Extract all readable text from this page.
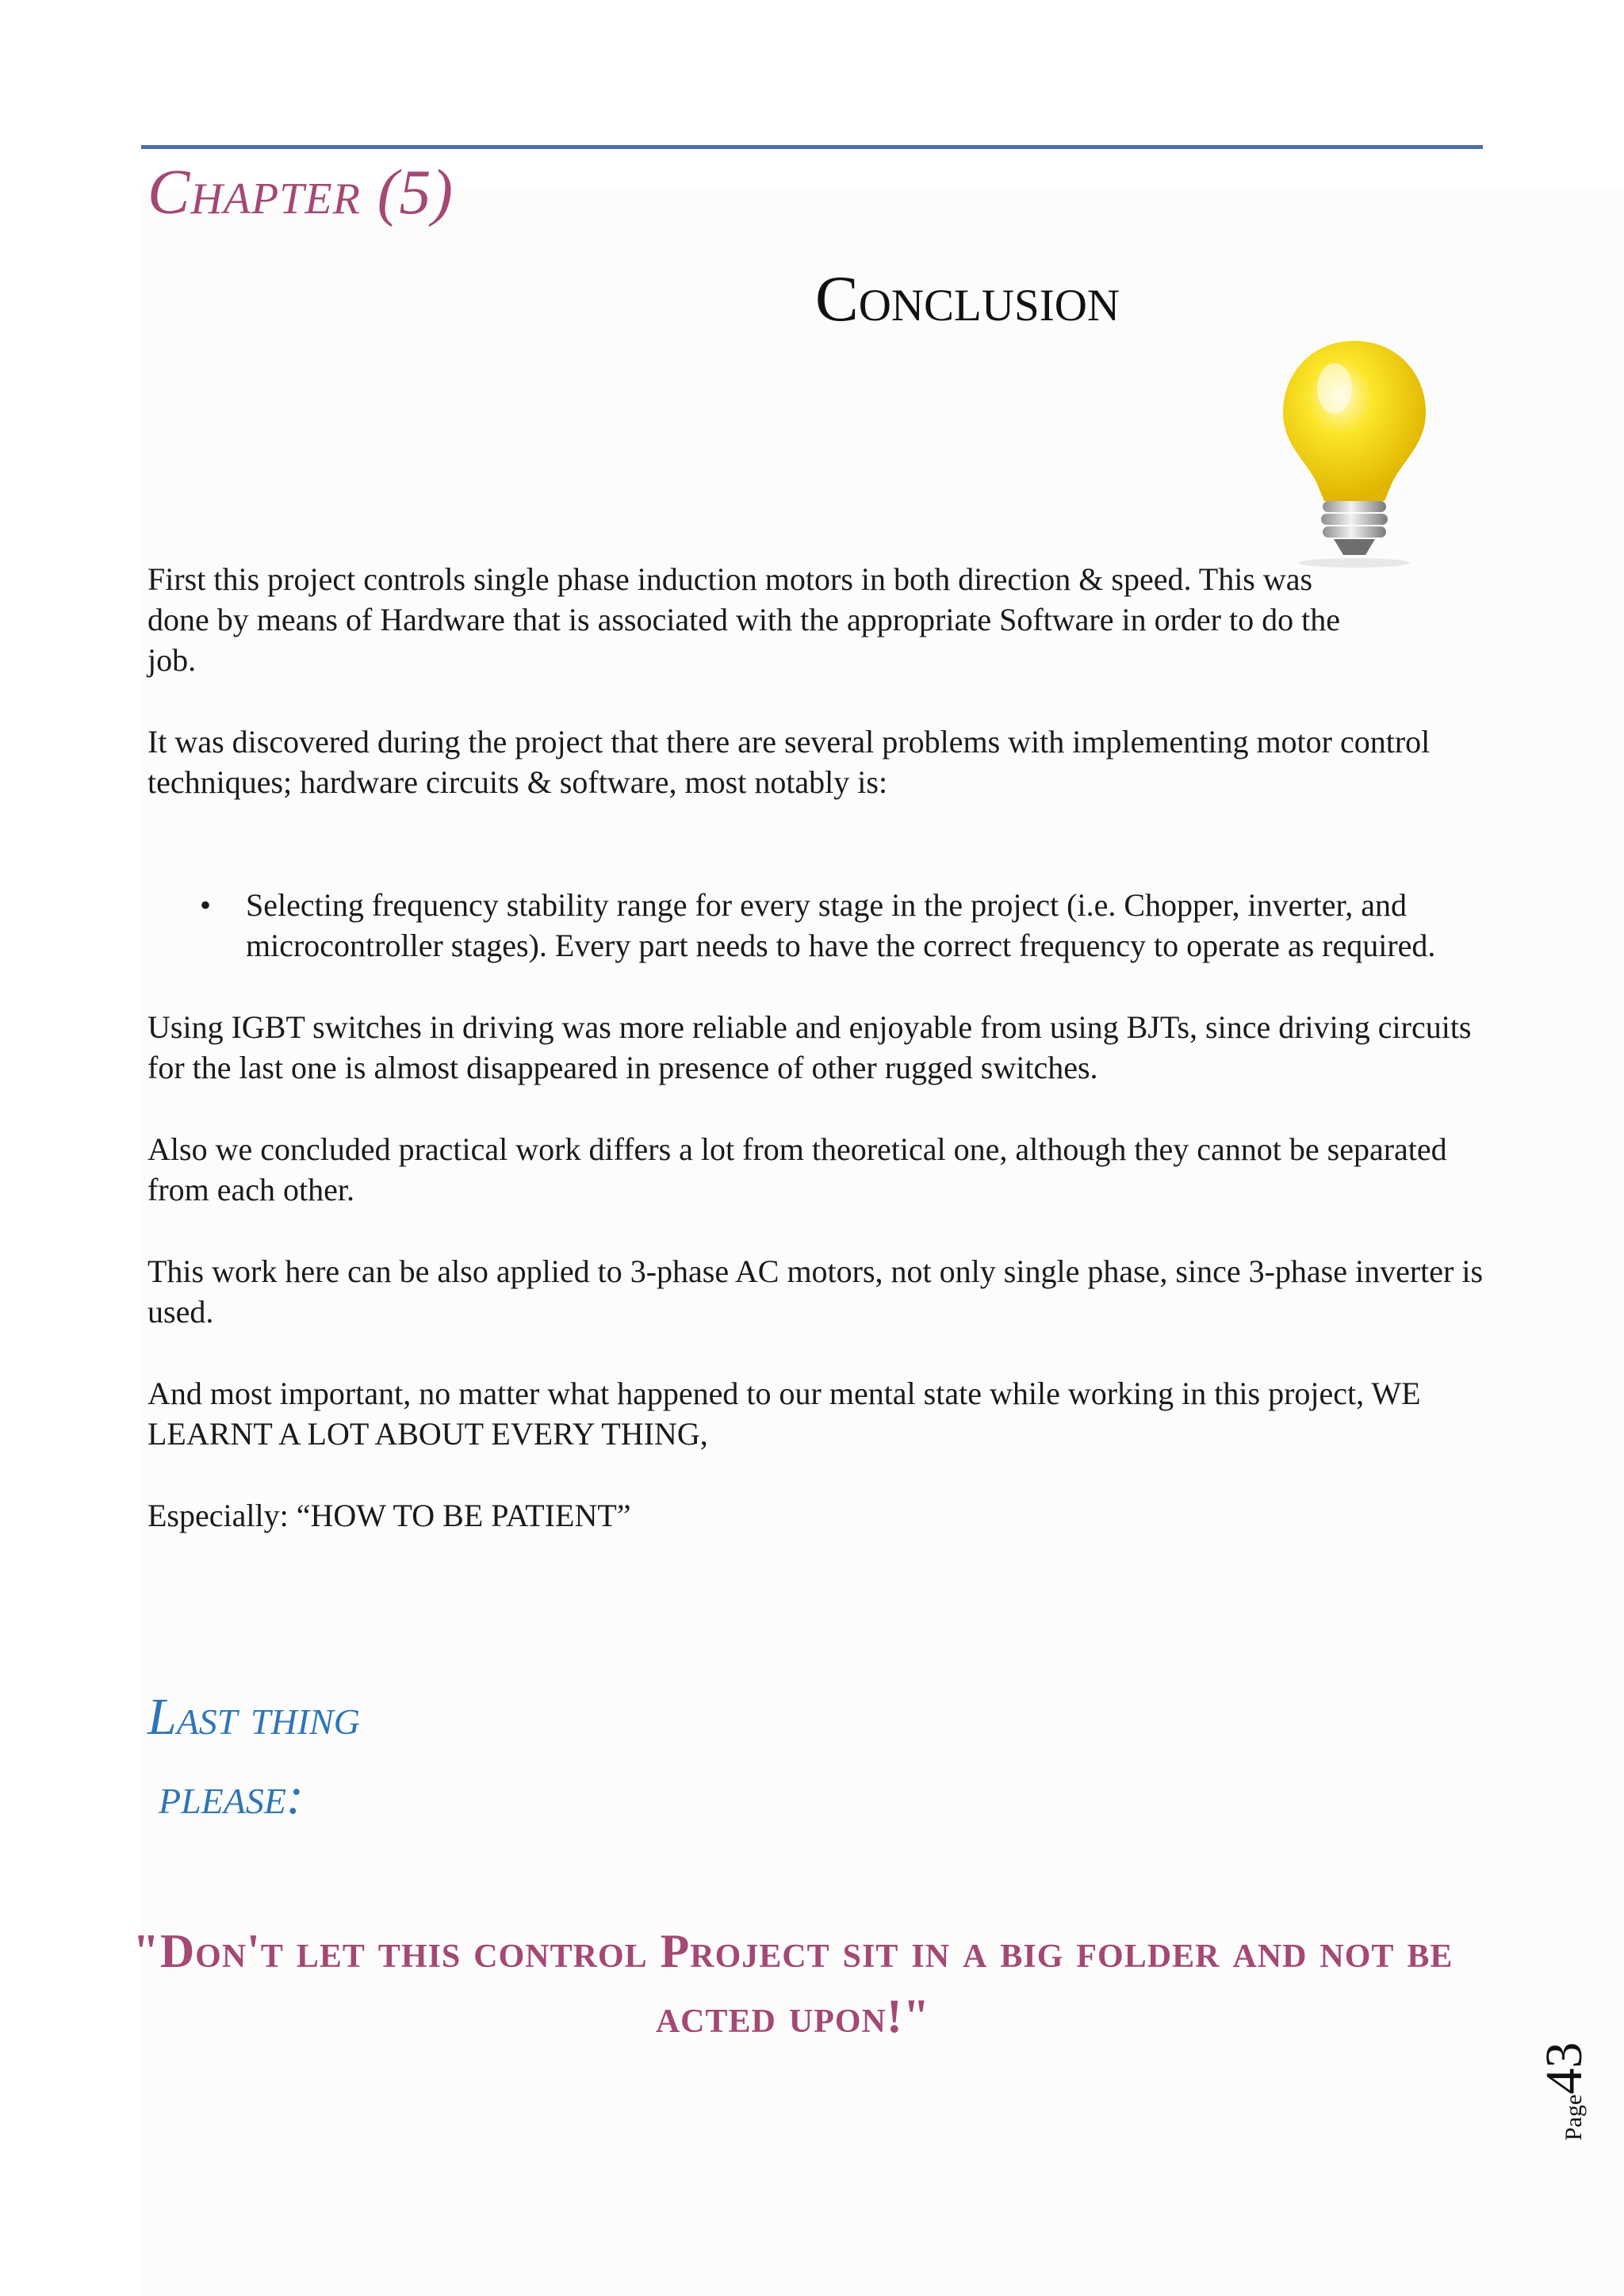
Chapter (5)
Conclusion

First this project controls single phase induction motors in both direction & speed. This was done by means of Hardware that is associated with the appropriate Software in order to do the job.

It was discovered during the project that there are several problems with implementing motor control techniques; hardware circuits & software, most notably is:

• Selecting frequency stability range for every stage in the project (i.e. Chopper, inverter, and microcontroller stages). Every part needs to have the correct frequency to operate as required.

Using IGBT switches in driving was more reliable and enjoyable from using BJTs, since driving circuits for the last one is almost disappeared in presence of other rugged switches.

Also we concluded practical work differs a lot from theoretical one, although they cannot be separated from each other.

This work here can be also applied to 3-phase AC motors, not only single phase, since 3-phase inverter is used.

And most important, no matter what happened to our mental state while working in this project, WE LEARNT A LOT ABOUT EVERY THING,

Especially: “HOW TO BE PATIENT”

Last thing
please:

"Don't let this control Project sit in a big folder and not be acted upon!"

Page43
